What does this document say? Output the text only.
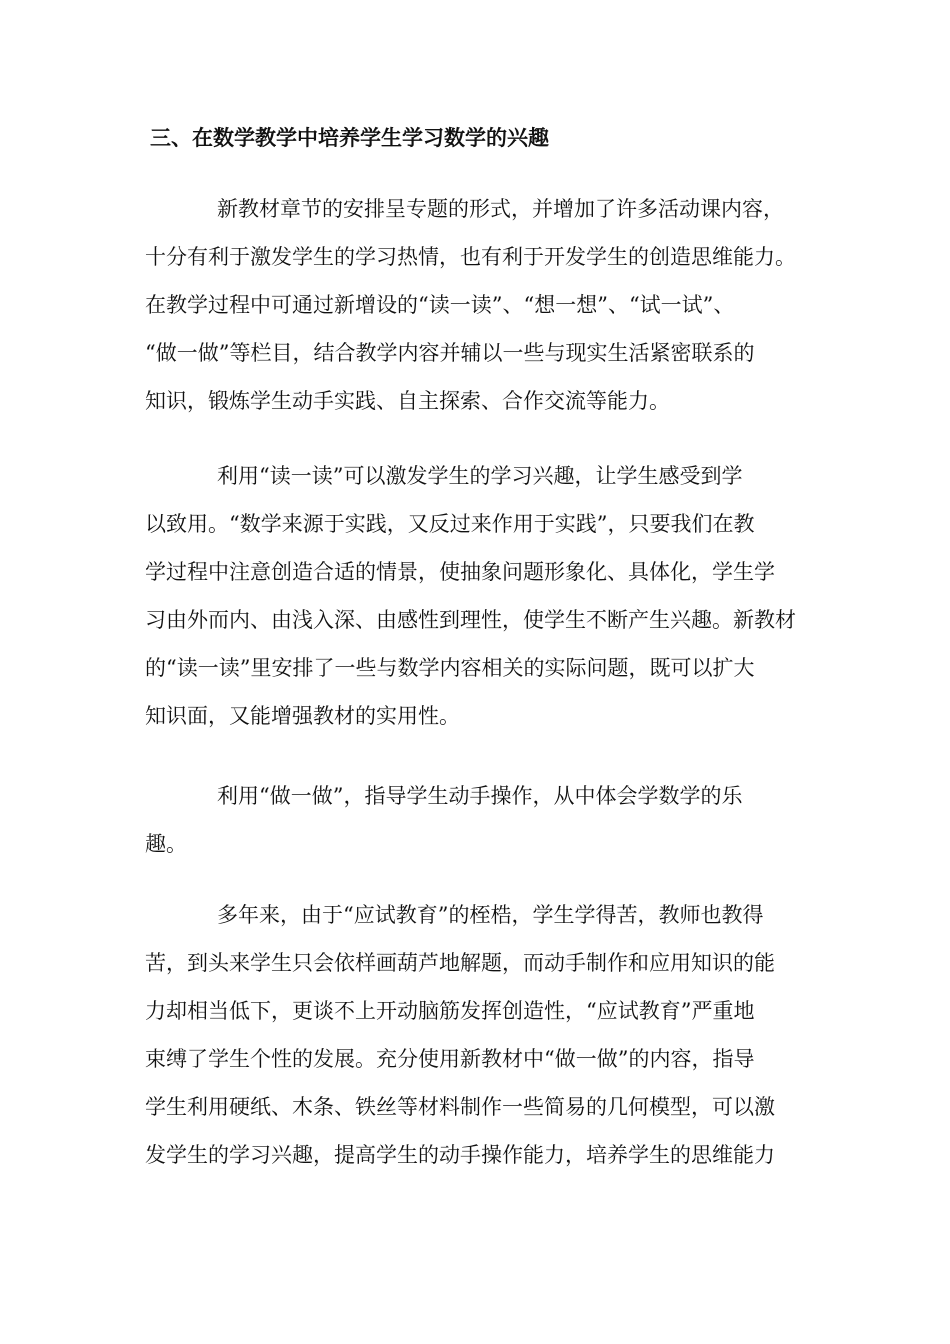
三、在数学教学中培养学生学习数学的兴趣
新教材章节的安排呈专题的形式，并增加了许多活动课内容，
十分有利于激发学生的学习热情，也有利于开发学生的创造思维能力。
在教学过程中可通过新增设的“读一读”、“想一想”、“试一试”、
“做一做”等栏目，结合教学内容并辅以一些与现实生活紧密联系的
知识，锻炼学生动手实践、自主探索、合作交流等能力。
利用“读一读”可以激发学生的学习兴趣，让学生感受到学
以致用。“数学来源于实践，又反过来作用于实践”，只要我们在教
学过程中注意创造合适的情景，使抽象问题形象化、具体化，学生学
习由外而内、由浅入深、由感性到理性，使学生不断产生兴趣。新教材
的“读一读”里安排了一些与数学内容相关的实际问题，既可以扩大
知识面，又能增强教材的实用性。
利用“做一做”，指导学生动手操作，从中体会学数学的乐
趣。
多年来，由于“应试教育”的桎梏，学生学得苦，教师也教得
苦，到头来学生只会依样画葫芦地解题，而动手制作和应用知识的能
力却相当低下，更谈不上开动脑筋发挥创造性，“应试教育”严重地
束缚了学生个性的发展。充分使用新教材中“做一做”的内容，指导
学生利用硬纸、木条、铁丝等材料制作一些简易的几何模型，可以激
发学生的学习兴趣，提高学生的动手操作能力，培养学生的思维能力
